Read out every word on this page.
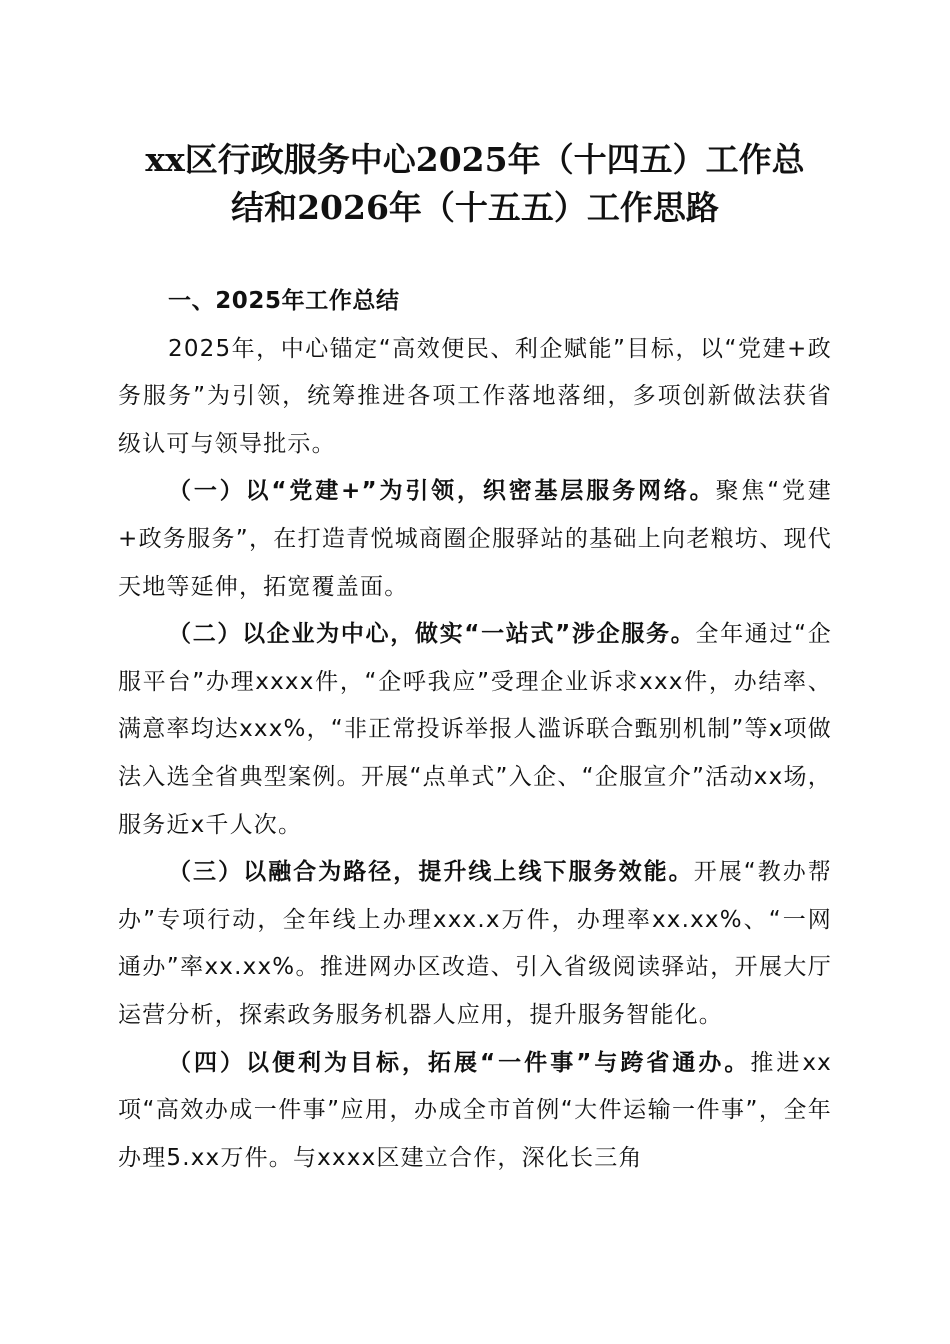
xx区行政服务中心2025年（十四五）工作总
结和2026年（十五五）工作思路

一、2025年工作总结

2025年，中心锚定“高效便民、利企赋能”目标，以“党建+政务服务”为引领，统筹推进各项工作落地落细，多项创新做法获省级认可与领导批示。

（一）以“党建+”为引领，织密基层服务网络。聚焦“党建+政务服务”，在打造青悦城商圈企服驿站的基础上向老粮坊、现代天地等延伸，拓宽覆盖面。

（二）以企业为中心，做实“一站式”涉企服务。全年通过“企服平台”办理xxxx件，“企呼我应”受理企业诉求xxx件，办结率、满意率均达xxx%，“非正常投诉举报人滥诉联合甄别机制”等x项做法入选全省典型案例。开展“点单式”入企、“企服宣介”活动xx场，服务近x千人次。

（三）以融合为路径，提升线上线下服务效能。开展“教办帮办”专项行动，全年线上办理xxx.x万件，办理率xx.xx%、“一网通办”率xx.xx%。推进网办区改造、引入省级阅读驿站，开展大厅运营分析，探索政务服务机器人应用，提升服务智能化。

（四）以便利为目标，拓展“一件事”与跨省通办。推进xx项“高效办成一件事”应用，办成全市首例“大件运输一件事”，全年办理5.xx万件。与xxxx区建立合作，深化长三角
